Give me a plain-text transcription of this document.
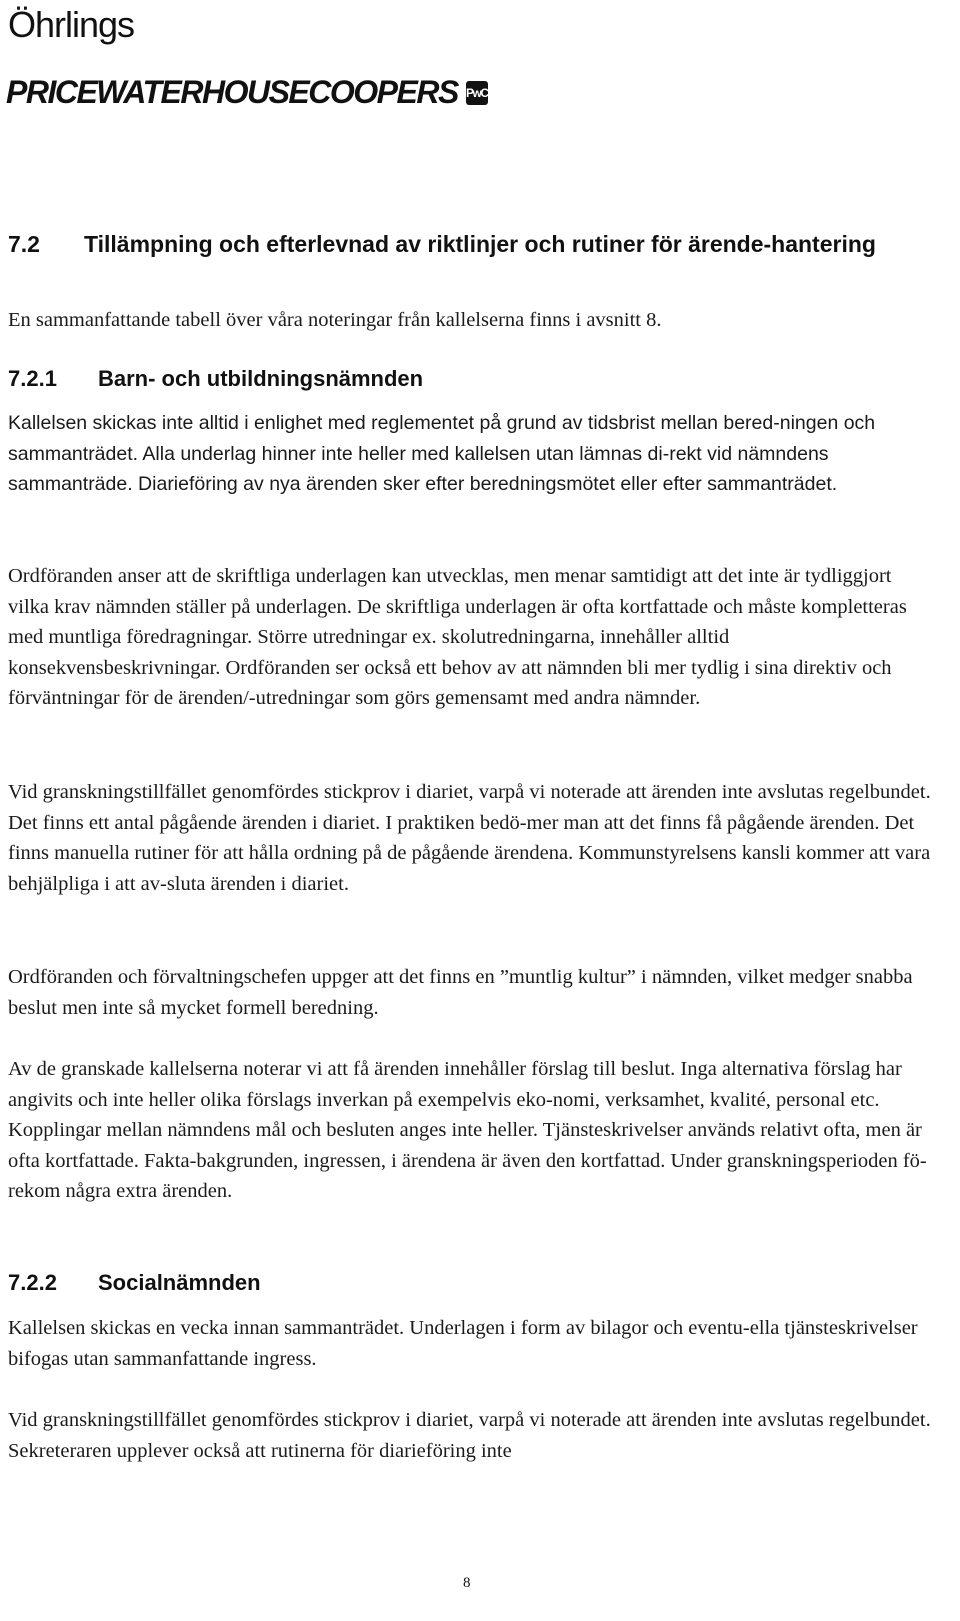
Öhrlings
PRICEWATERHOUSECOOPERS PwC
7.2	Tillämpning och efterlevnad av riktlinjer och rutiner för ärende-hantering

En sammanfattande tabell över våra noteringar från kallelserna finns i avsnitt 8.

7.2.1	Barn- och utbildningsnämnden

Kallelsen skickas inte alltid i enlighet med reglementet på grund av tidsbrist mellan bered-ningen och sammanträdet. Alla underlag hinner inte heller med kallelsen utan lämnas di-rekt vid nämndens sammanträde. Diarieföring av nya ärenden sker efter beredningsmötet eller efter sammanträdet.

Ordföranden anser att de skriftliga underlagen kan utvecklas, men menar samtidigt att det inte är tydliggjort vilka krav nämnden ställer på underlagen. De skriftliga underlagen är ofta kortfattade och måste kompletteras med muntliga föredragningar. Större utredningar ex. skolutredningarna, innehåller alltid konsekvensbeskrivningar. Ordföranden ser också ett behov av att nämnden bli mer tydlig i sina direktiv och förväntningar för de ärenden/-utredningar som görs gemensamt med andra nämnder.

Vid granskningstillfället genomfördes stickprov i diariet, varpå vi noterade att ärenden inte avslutas regelbundet. Det finns ett antal pågående ärenden i diariet. I praktiken bedö-mer man att det finns få pågående ärenden. Det finns manuella rutiner för att hålla ordning på de pågående ärendena. Kommunstyrelsens kansli kommer att vara behjälpliga i att av-sluta ärenden i diariet.

Ordföranden och förvaltningschefen uppger att det finns en ”muntlig kultur” i nämnden, vilket medger snabba beslut men inte så mycket formell beredning.

Av de granskade kallelserna noterar vi att få ärenden innehåller förslag till beslut. Inga alternativa förslag har angivits och inte heller olika förslags inverkan på exempelvis eko-nomi, verksamhet, kvalité, personal etc. Kopplingar mellan nämndens mål och besluten anges inte heller. Tjänsteskrivelser används relativt ofta, men är ofta kortfattade. Fakta-bakgrunden, ingressen, i ärendena är även den kortfattad. Under granskningsperioden fö-rekom några extra ärenden.

7.2.2	Socialnämnden

Kallelsen skickas en vecka innan sammanträdet. Underlagen i form av bilagor och eventu-ella tjänsteskrivelser bifogas utan sammanfattande ingress.

Vid granskningstillfället genomfördes stickprov i diariet, varpå vi noterade att ärenden inte avslutas regelbundet. Sekreteraren upplever också att rutinerna för diarieföring inte

8
